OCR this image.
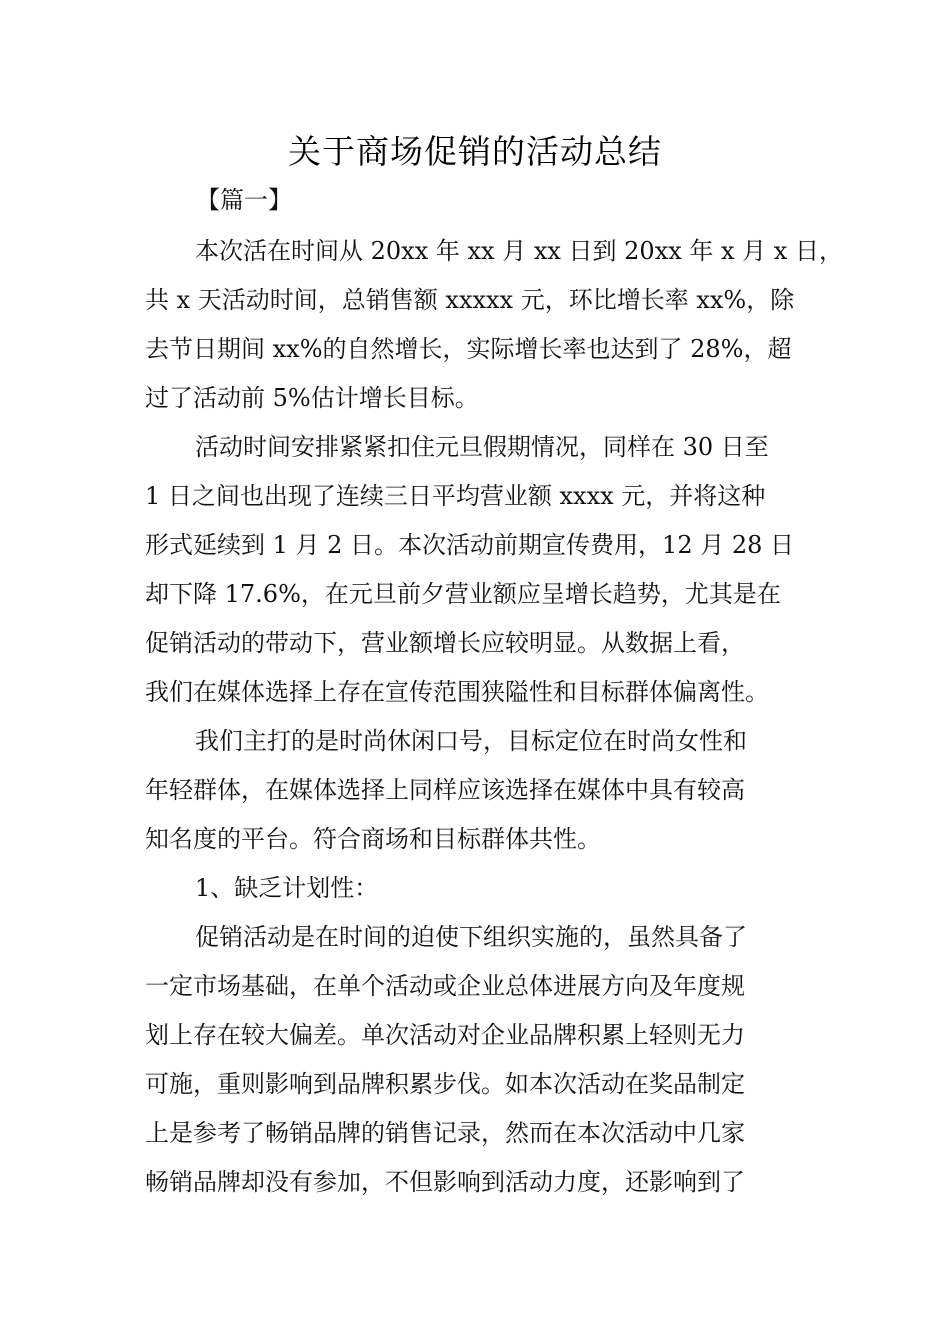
关于商场促销的活动总结
【篇一】

本次活在时间从 20xx 年 xx 月 xx 日到 20xx 年 x 月 x 日，
共 x 天活动时间，总销售额 xxxxx 元，环比增长率 xx%，除
去节日期间 xx%的自然增长，实际增长率也达到了 28%，超
过了活动前 5%估计增长目标。

活动时间安排紧紧扣住元旦假期情况，同样在 30 日至
1 日之间也出现了连续三日平均营业额 xxxx 元，并将这种
形式延续到 1 月 2 日。本次活动前期宣传费用，12 月 28 日
却下降 17.6%，在元旦前夕营业额应呈增长趋势，尤其是在
促销活动的带动下，营业额增长应较明显。从数据上看，
我们在媒体选择上存在宣传范围狭隘性和目标群体偏离性。

我们主打的是时尚休闲口号，目标定位在时尚女性和
年轻群体，在媒体选择上同样应该选择在媒体中具有较高
知名度的平台。符合商场和目标群体共性。

1、缺乏计划性：

促销活动是在时间的迫使下组织实施的，虽然具备了
一定市场基础，在单个活动或企业总体进展方向及年度规
划上存在较大偏差。单次活动对企业品牌积累上轻则无力
可施，重则影响到品牌积累步伐。如本次活动在奖品制定
上是参考了畅销品牌的销售记录，然而在本次活动中几家
畅销品牌却没有参加，不但影响到活动力度，还影响到了
